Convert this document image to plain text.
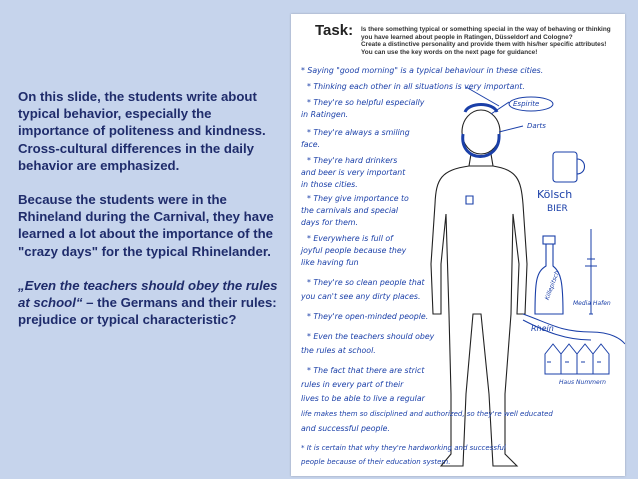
On this slide, the students write about typical behavior, especially the importance of politeness and kindness. Cross-cultural differences in the daily behavior are emphasized.

Because the students were in the Rhineland during the Carnival, they have learned a lot about the importance of the "crazy days" for the typical Rhinelander.

„Even the teachers should obey the rules at school“ – the Germans and their rules: prejudice or typical characteristic?

Task: Is there something typical or something special in the way of behaving or thinking you have learned about people in Ratingen, Düsseldorf and Cologne?
Create a distinctive personality and provide them with his/her specific attributes! You can use the key words on the next page for guidance!
* Saying "good morning" is a typical behaviour in these cities.
* Thinking each other in all situations is very important.
* They're so helpful especially
in Ratingen.
* They're always a smiling
face.
* They're hard drinkers
and beer is very important
in those cities.
* They give importance to
the carnivals and special
days for them.
* Everywhere is full of
joyful people because they
like having fun
* They're so clean people that
you can't see any dirty places.
* They're open-minded people.
* Even the teachers should obey
the rules at school.
* The fact that there are strict
rules in every part of their
lives to be able to live a regular
life makes them so disciplined and authorized, so they're well educated
and successful people.
* It is certain that why they're hardworking and successful
people because of their education system.
Espirite
Darts
Kölsch
BIER
Killepitsch
Media Hafen
Rhein
Haus Nummern
